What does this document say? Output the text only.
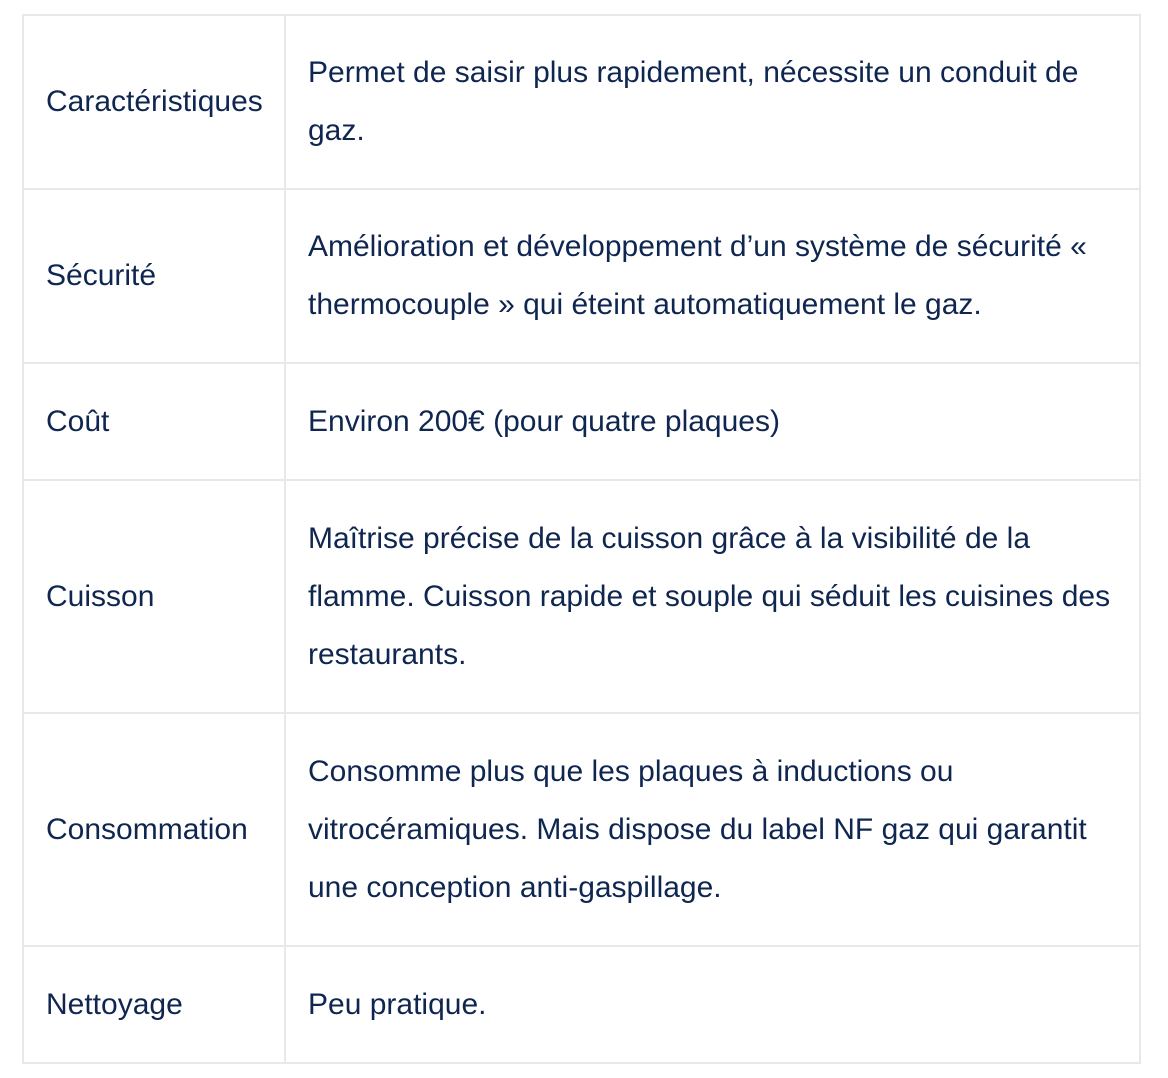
Caractéristiques	Permet de saisir plus rapidement, nécessite un conduit de gaz.
Sécurité	Amélioration et développement d’un système de sécurité « thermocouple » qui éteint automatiquement le gaz.
Coût	Environ 200€ (pour quatre plaques)
Cuisson	Maîtrise précise de la cuisson grâce à la visibilité de la flamme. Cuisson rapide et souple qui séduit les cuisines des restaurants.
Consommation	Consomme plus que les plaques à inductions ou vitrocéramiques. Mais dispose du label NF gaz qui garantit une conception anti-gaspillage.
Nettoyage	Peu pratique.
